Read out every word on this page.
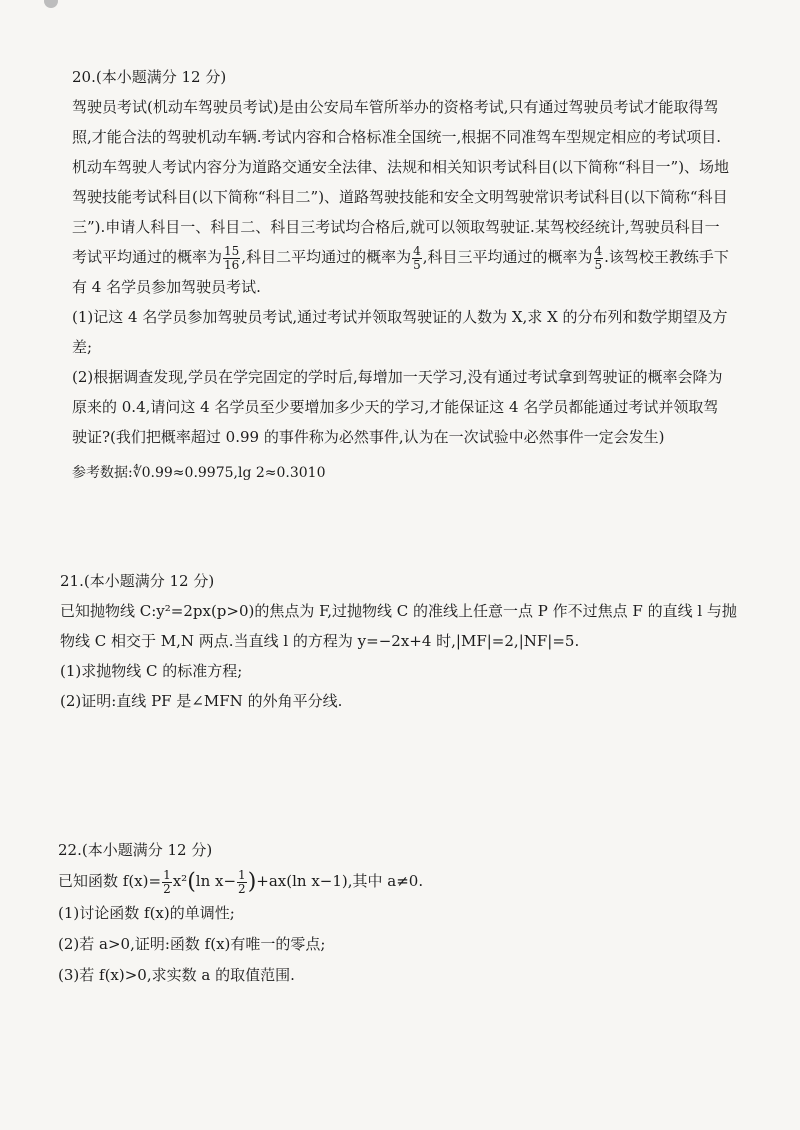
20.(本小题满分 12 分)

驾驶员考试(机动车驾驶员考试)是由公安局车管所举办的资格考试,只有通过驾驶员考试才能取得驾照,才能合法的驾驶机动车辆.考试内容和合格标准全国统一,根据不同准驾车型规定相应的考试项目.机动车驾驶人考试内容分为道路交通安全法律、法规和相关知识考试科目(以下简称“科目一”)、场地驾驶技能考试科目(以下简称“科目二”)、道路驾驶技能和安全文明驾驶常识考试科目(以下简称“科目三”).申请人科目一、科目二、科目三考试均合格后,就可以领取驾驶证.某驾校经统计,驾驶员科目一考试平均通过的概率为 $\frac{15}{16}$ ,科目二平均通过的概率为 $\frac{4}{5}$ ,科目三平均通过的概率为 $\frac{4}{5}$ .该驾校王教练手下有 4 名学员参加驾驶员考试.

(1)记这 4 名学员参加驾驶员考试,通过考试并领取驾驶证的人数为 X,求 X 的分布列和数学期望及方差;

(2)根据调查发现,学员在学完固定的学时后,每增加一天学习,没有通过考试拿到驾驶证的概率会降为原来的 0.4,请问这 4 名学员至少要增加多少天的学习,才能保证这 4 名学员都能通过考试并领取驾驶证?(我们把概率超过 0.99 的事件称为必然事件,认为在一次试验中必然事件一定会发生)

参考数据:∜0.99≈0.9975,lg 2≈0.3010

21.(本小题满分 12 分)

已知抛物线 C:y²=2px(p>0)的焦点为 F,过抛物线 C 的准线上任意一点 P 作不过焦点 F 的直线 l 与抛物线 C 相交于 M,N 两点.当直线 l 的方程为 y=−2x+4 时,|MF|=2,|NF|=5.

(1)求抛物线 C 的标准方程;

(2)证明:直线 PF 是∠MFN 的外角平分线.

22.(本小题满分 12 分)

已知函数 $f(x)= \frac{1}{2} x^2(\ln$ $x- \frac{1}{2} )+ax(\ln$ x−1),其中 a≠0.

(1)讨论函数 f(x)的单调性;

(2)若 a>0,证明:函数 f(x)有唯一的零点;

(3)若 f(x)>0,求实数 a 的取值范围.
